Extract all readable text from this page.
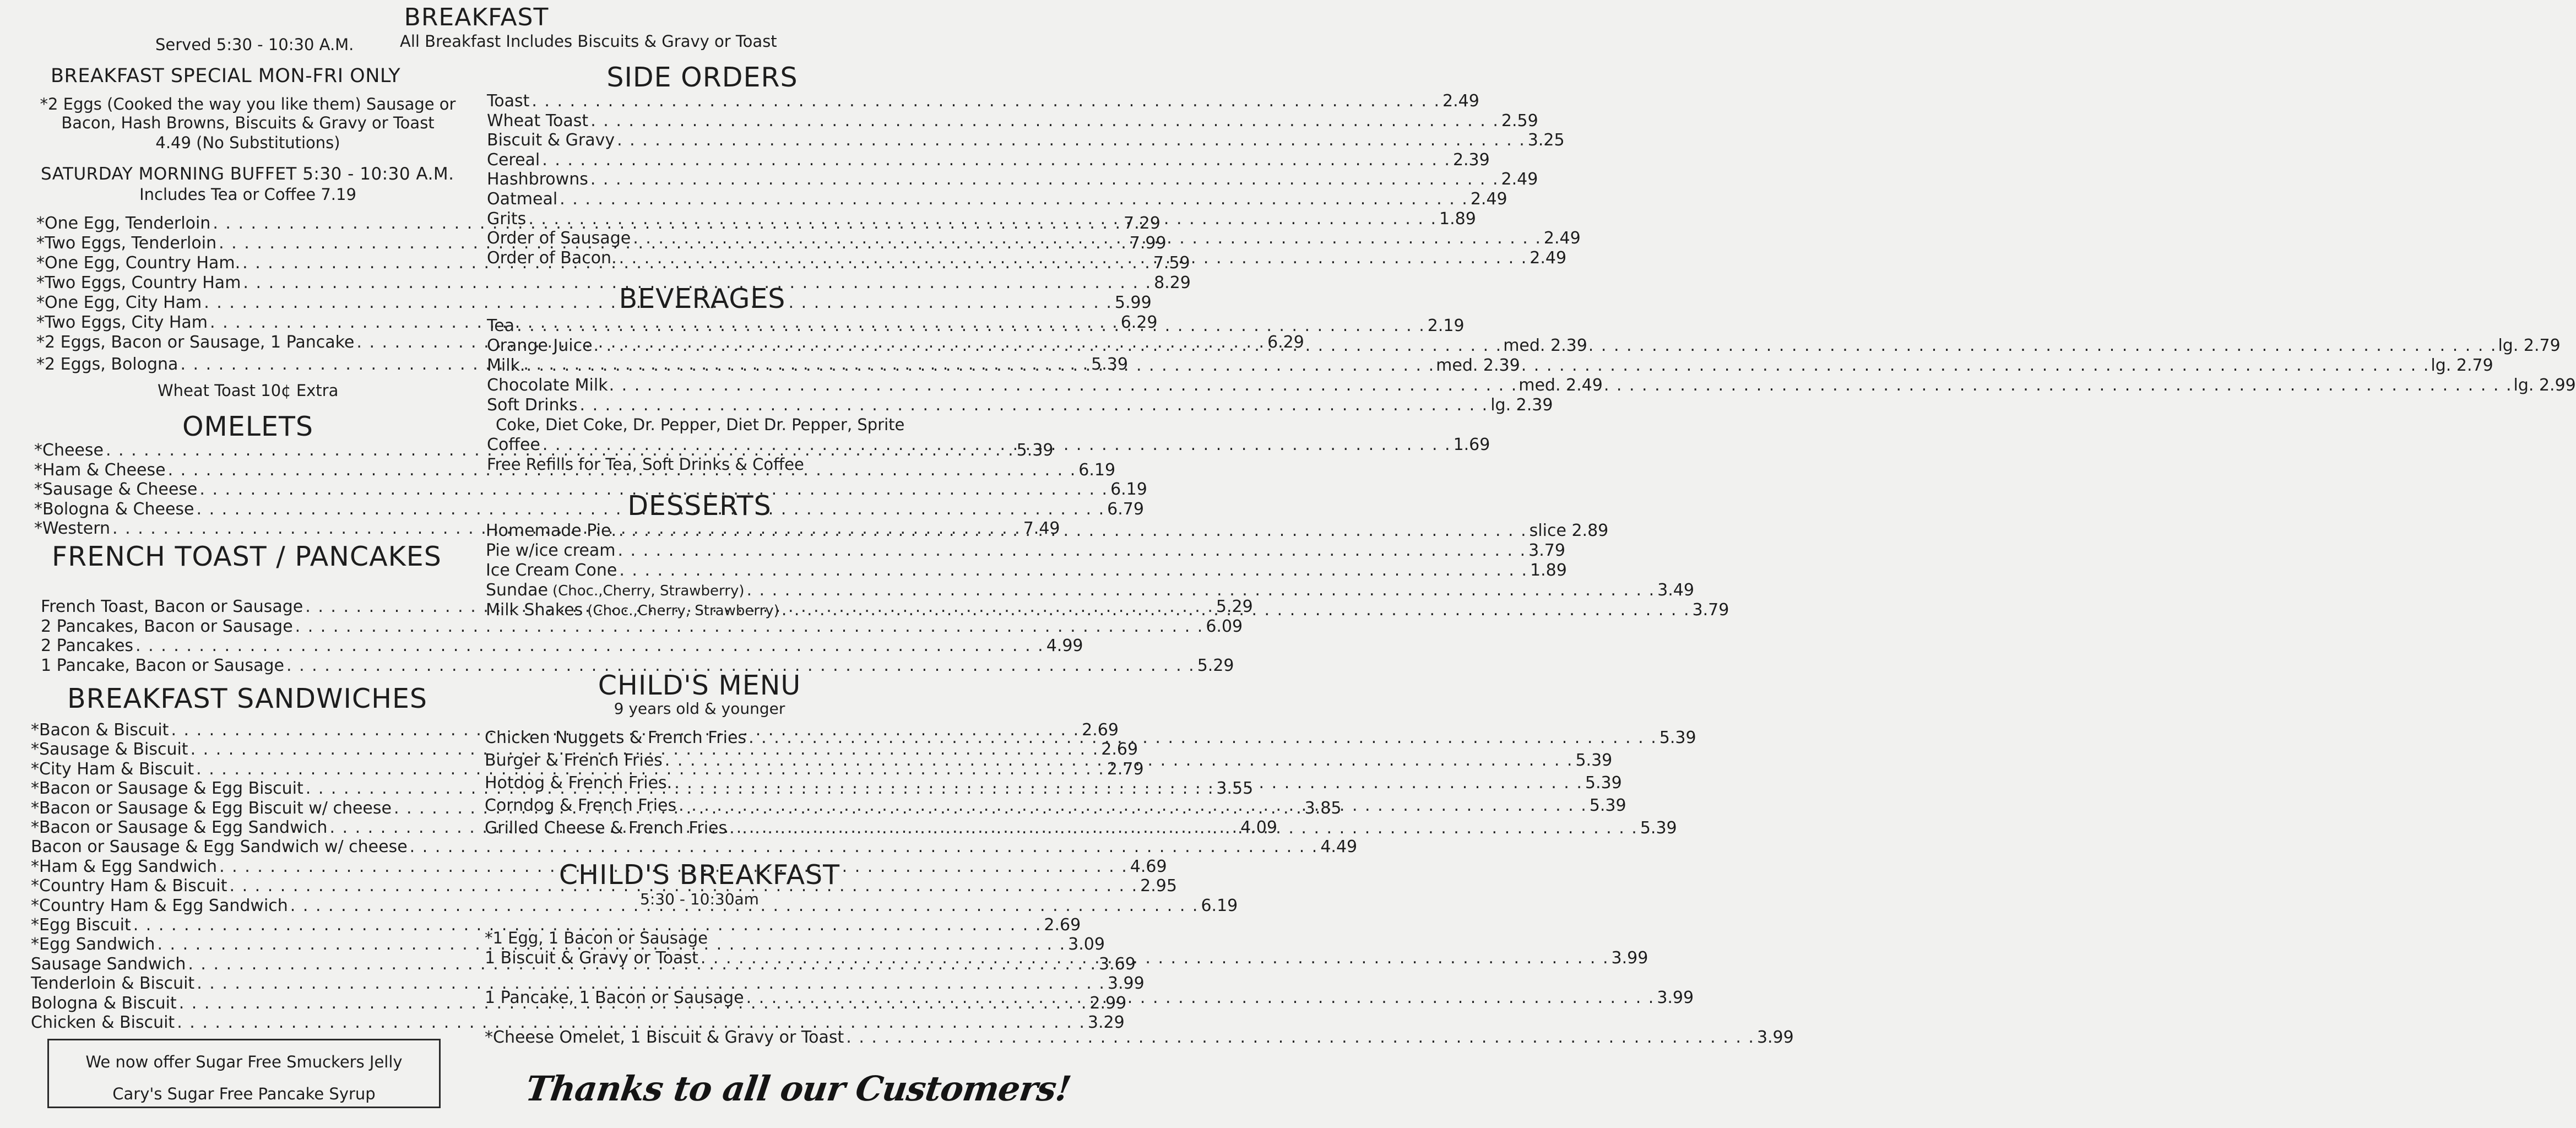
BREAKFAST
Served 5:30 - 10:30 A.M.	All Breakfast Includes Biscuits & Gravy or Toast
BREAKFAST SPECIAL MON-FRI ONLY
*2 Eggs (Cooked the way you like them) Sausage or
Bacon, Hash Browns, Biscuits & Gravy or Toast
4.49 (No Substitutions)
SATURDAY MORNING BUFFET 5:30 - 10:30 A.M.
Includes Tea or Coffee 7.19
*One Egg, Tenderloin . . .	7.29
*Two Eggs, Tenderloin . . .	7.99
*One Egg, Country Ham. . . .	7.59
*Two Eggs, Country Ham . . .	8.29
*One Egg, City Ham . . .	5.99
*Two Eggs, City Ham . . .	6.29
*2 Eggs, Bacon or Sausage, 1 Pancake . . .	6.29
*2 Eggs, Bologna . . .	5.39
Wheat Toast 10¢ Extra
OMELETS
*Cheese . . .	5.39
*Ham & Cheese . . .	6.19
*Sausage & Cheese . . .	6.19
*Bologna & Cheese . . .	6.79
*Western . . .	7.49
FRENCH TOAST / PANCAKES
French Toast, Bacon or Sausage . . .	5.29
2 Pancakes, Bacon or Sausage . . .	6.09
2 Pancakes . . .	4.99
1 Pancake, Bacon or Sausage . . .	5.29
BREAKFAST SANDWICHES
*Bacon & Biscuit . . .	2.69
*Sausage & Biscuit . . .	2.69
*City Ham & Biscuit . . .	2.79
*Bacon or Sausage & Egg Biscuit . . .	3.55
*Bacon or Sausage & Egg Biscuit w/ cheese . . .	3.85
*Bacon or Sausage & Egg Sandwich . . .	4.09
Bacon or Sausage & Egg Sandwich w/ cheese . . .	4.49
*Ham & Egg Sandwich . . .	4.69
*Country Ham & Biscuit . . .	2.95
*Country Ham & Egg Sandwich . . .	6.19
*Egg Biscuit . . .	2.69
*Egg Sandwich . . .	3.09
Sausage Sandwich . . .	3.69
Tenderloin & Biscuit . . .	3.99
Bologna & Biscuit . . .	2.99
Chicken & Biscuit . . .	3.29
We now offer Sugar Free Smuckers Jelly
Cary's Sugar Free Pancake Syrup
SIDE ORDERS
Toast . . .	2.49
Wheat Toast . . .	2.59
Biscuit & Gravy . . .	3.25
Cereal . . .	2.39
Hashbrowns . . .	2.49
Oatmeal . . .	2.49
Grits . . .	1.89
Order of Sausage . . .	2.49
Order of Bacon. . . .	2.49
BEVERAGES
Tea . . .	2.19
Orange Juice . . .	med. 2.39 . . .	lg. 2.79
Milk. . . .	med. 2.39 . . .	lg. 2.79
Chocolate Milk . . .	med. 2.49 . . .	lg. 2.99
Soft Drinks . . .	lg. 2.39
Coke, Diet Coke, Dr. Pepper, Diet Dr. Pepper, Sprite
Coffee . . .	1.69
Free Refills for Tea, Soft Drinks & Coffee
DESSERTS
Homemade Pie. . . .	slice 2.89
Pie w/ice cream . . .	3.79
Ice Cream Cone . . .	1.89
Sundae (Choc.,Cherry, Strawberry) . . .	3.49
Milk Shakes (Choc.,Cherry, Strawberry) . . .	3.79
CHILD'S MENU
9 years old & younger
Chicken Nuggets & French Fries . . .	5.39
Burger & French Fries . . .	5.39
Hotdog & French Fries. . . .	5.39
Corndog & French Fries . . .	5.39
Grilled Cheese & French Fries . . .	5.39
CHILD'S BREAKFAST
5:30 - 10:30am
*1 Egg, 1 Bacon or Sausage
1 Biscuit & Gravy or Toast . . .	3.99
1 Pancake, 1 Bacon or Sausage . . .	3.99
*Cheese Omelet, 1 Biscuit & Gravy or Toast . . .	3.99
Thanks to all our Customers!
